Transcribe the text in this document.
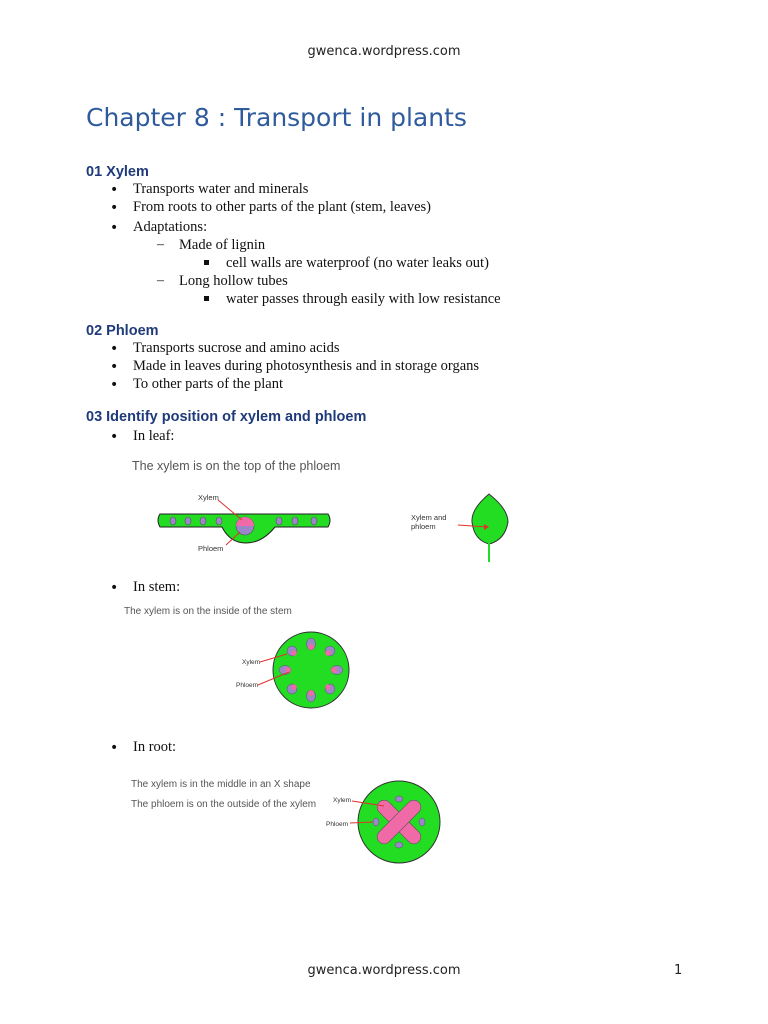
gwenca.wordpress.com
Chapter 8 : Transport in plants
01 Xylem
• Transports water and minerals
• From roots to other parts of the plant (stem, leaves)
• Adaptations:
– Made of lignin
cell walls are waterproof (no water leaks out)
– Long hollow tubes
water passes through easily with low resistance
02 Phloem
• Transports sucrose and amino acids
• Made in leaves during photosynthesis and in storage organs
• To other parts of the plant
03 Identify position of xylem and phloem
• In leaf:
The xylem is on the top of the phloem
Xylem
Phloem
Xylem and
phloem
• In stem:
The xylem is on the inside of the stem
Xylem
Phloem
• In root:
The xylem is in the middle in an X shape
The phloem is on the outside of the xylem	Xylem
Phloem
gwenca.wordpress.com	1
